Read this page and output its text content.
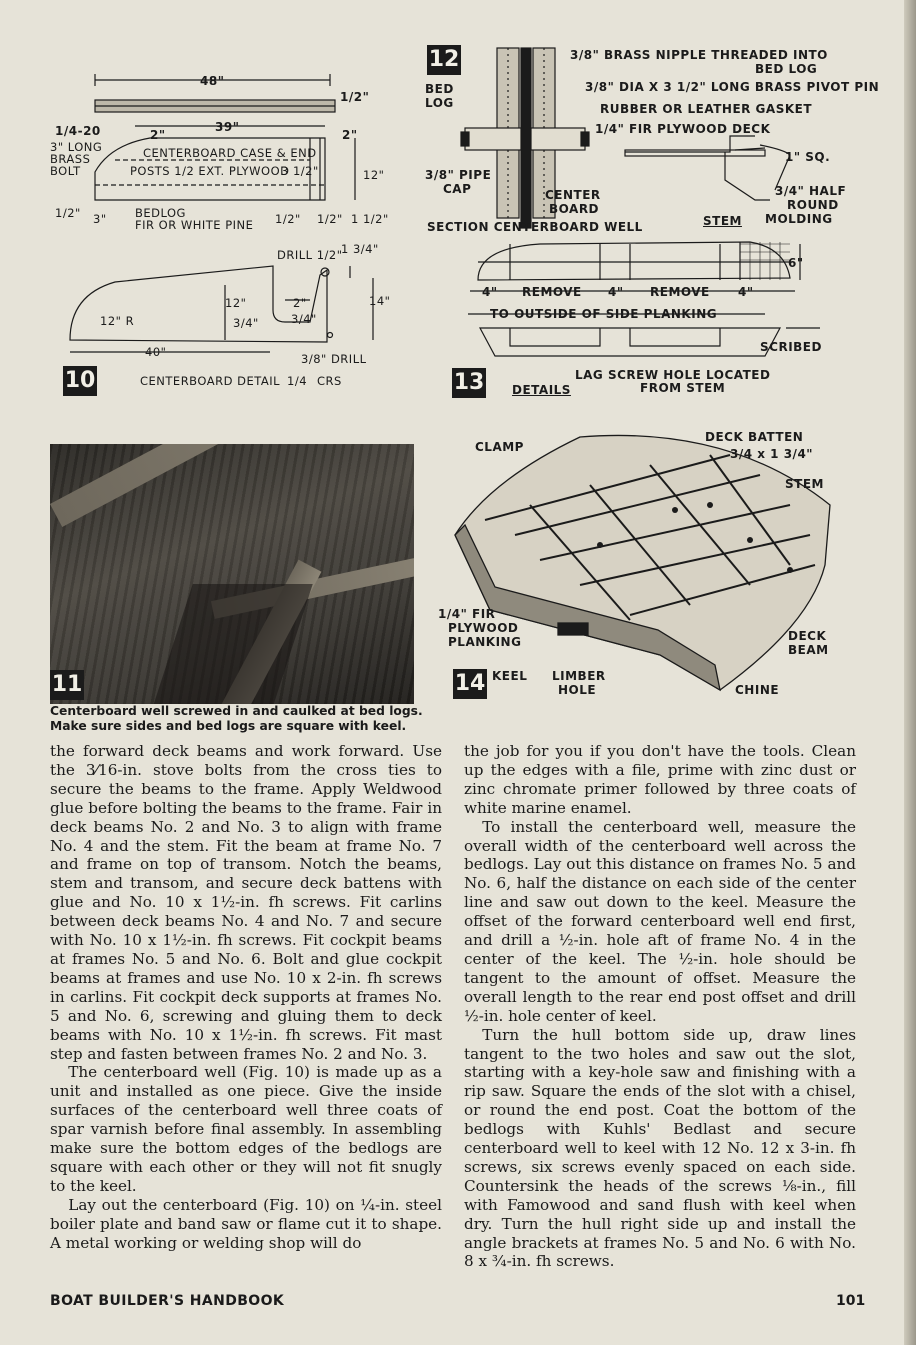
48"
1/2"
1/4-20	39"
2"	2"
3" LONG
BRASS
BOLT
CENTERBOARD CASE & END
POSTS 1/2 EXT. PLYWOOD
3 1/2"	12"
1/2" 3" BEDLOG
FIR OR WHITE PINE 1/2" 1/2" 1 1/2"
DRILL 1/2"
1 3/4"
12"	2"	14"
12" R	3/4"	3/4"
40"	3/8" DRILL
10	CENTERBOARD DETAIL 1/4 CRS
12	3/8" BRASS NIPPLE THREADED INTO
BED LOG
3/8" DIA X 3 1/2" LONG BRASS PIVOT PIN
RUBBER OR LEATHER GASKET
1/4" FIR PLYWOOD DECK
BED
LOG
1" SQ.
3/8" PIPE
CAP	CENTER
BOARD
3/4" HALF
ROUND
MOLDING
SECTION CENTERBOARD WELL	STEM
6"
4" REMOVE 4" REMOVE 4"
TO OUTSIDE OF SIDE PLANKING
SCRIBED
LAG SCREW HOLE LOCATED
FROM STEM
13 DETAILS
11
Centerboard well screwed in and caulked at bed logs. Make sure sides and bed logs are square with keel.
CLAMP
DECK BATTEN
3/4 x 1 3/4"
STEM
1/4" FIR
PLYWOOD
PLANKING	DECK
BEAM
KEEL LIMBER
HOLE	CHINE
14

the forward deck beams and work forward. Use the 3⁄16-in. stove bolts from the cross ties to secure the beams to the frame. Apply Weldwood glue before bolting the beams to the frame. Fair in deck beams No. 2 and No. 3 to align with frame No. 4 and the stem. Fit the beam at frame No. 7 and frame on top of transom. Notch the beams, stem and transom, and secure deck battens with glue and No. 10 x 1½-in. fh screws. Fit carlins between deck beams No. 4 and No. 7 and secure with No. 10 x 1½-in. fh screws. Fit cockpit beams at frames No. 5 and No. 6. Bolt and glue cockpit beams at frames and use No. 10 x 2-in. fh screws in carlins. Fit cockpit deck supports at frames No. 5 and No. 6, screwing and gluing them to deck beams with No. 10 x 1½-in. fh screws. Fit mast step and fasten between frames No. 2 and No. 3.

The centerboard well (Fig. 10) is made up as a unit and installed as one piece. Give the inside surfaces of the centerboard well three coats of spar varnish before final assembly. In assembling make sure the bottom edges of the bedlogs are square with each other or they will not fit snugly to the keel.

Lay out the centerboard (Fig. 10) on ¼-in. steel boiler plate and band saw or flame cut it to shape. A metal working or welding shop will do

the job for you if you don't have the tools. Clean up the edges with a file, prime with zinc dust or zinc chromate primer followed by three coats of white marine enamel.

To install the centerboard well, measure the overall width of the centerboard well across the bedlogs. Lay out this distance on frames No. 5 and No. 6, half the distance on each side of the center line and saw out down to the keel. Measure the offset of the forward centerboard well end first, and drill a ½-in. hole aft of frame No. 4 in the center of the keel. The ½-in. hole should be tangent to the amount of offset. Measure the overall length to the rear end post offset and drill ½-in. hole center of keel.

Turn the hull bottom side up, draw lines tangent to the two holes and saw out the slot, starting with a key-hole saw and finishing with a rip saw. Square the ends of the slot with a chisel, or round the end post. Coat the bottom of the bedlogs with Kuhls' Bedlast and secure centerboard well to keel with 12 No. 12 x 3-in. fh screws, six screws evenly spaced on each side. Countersink the heads of the screws ⅛-in., fill with Famowood and sand flush with keel when dry. Turn the hull right side up and install the angle brackets at frames No. 5 and No. 6 with No. 8 x ¾-in. fh screws.

BOAT BUILDER'S HANDBOOK	101
